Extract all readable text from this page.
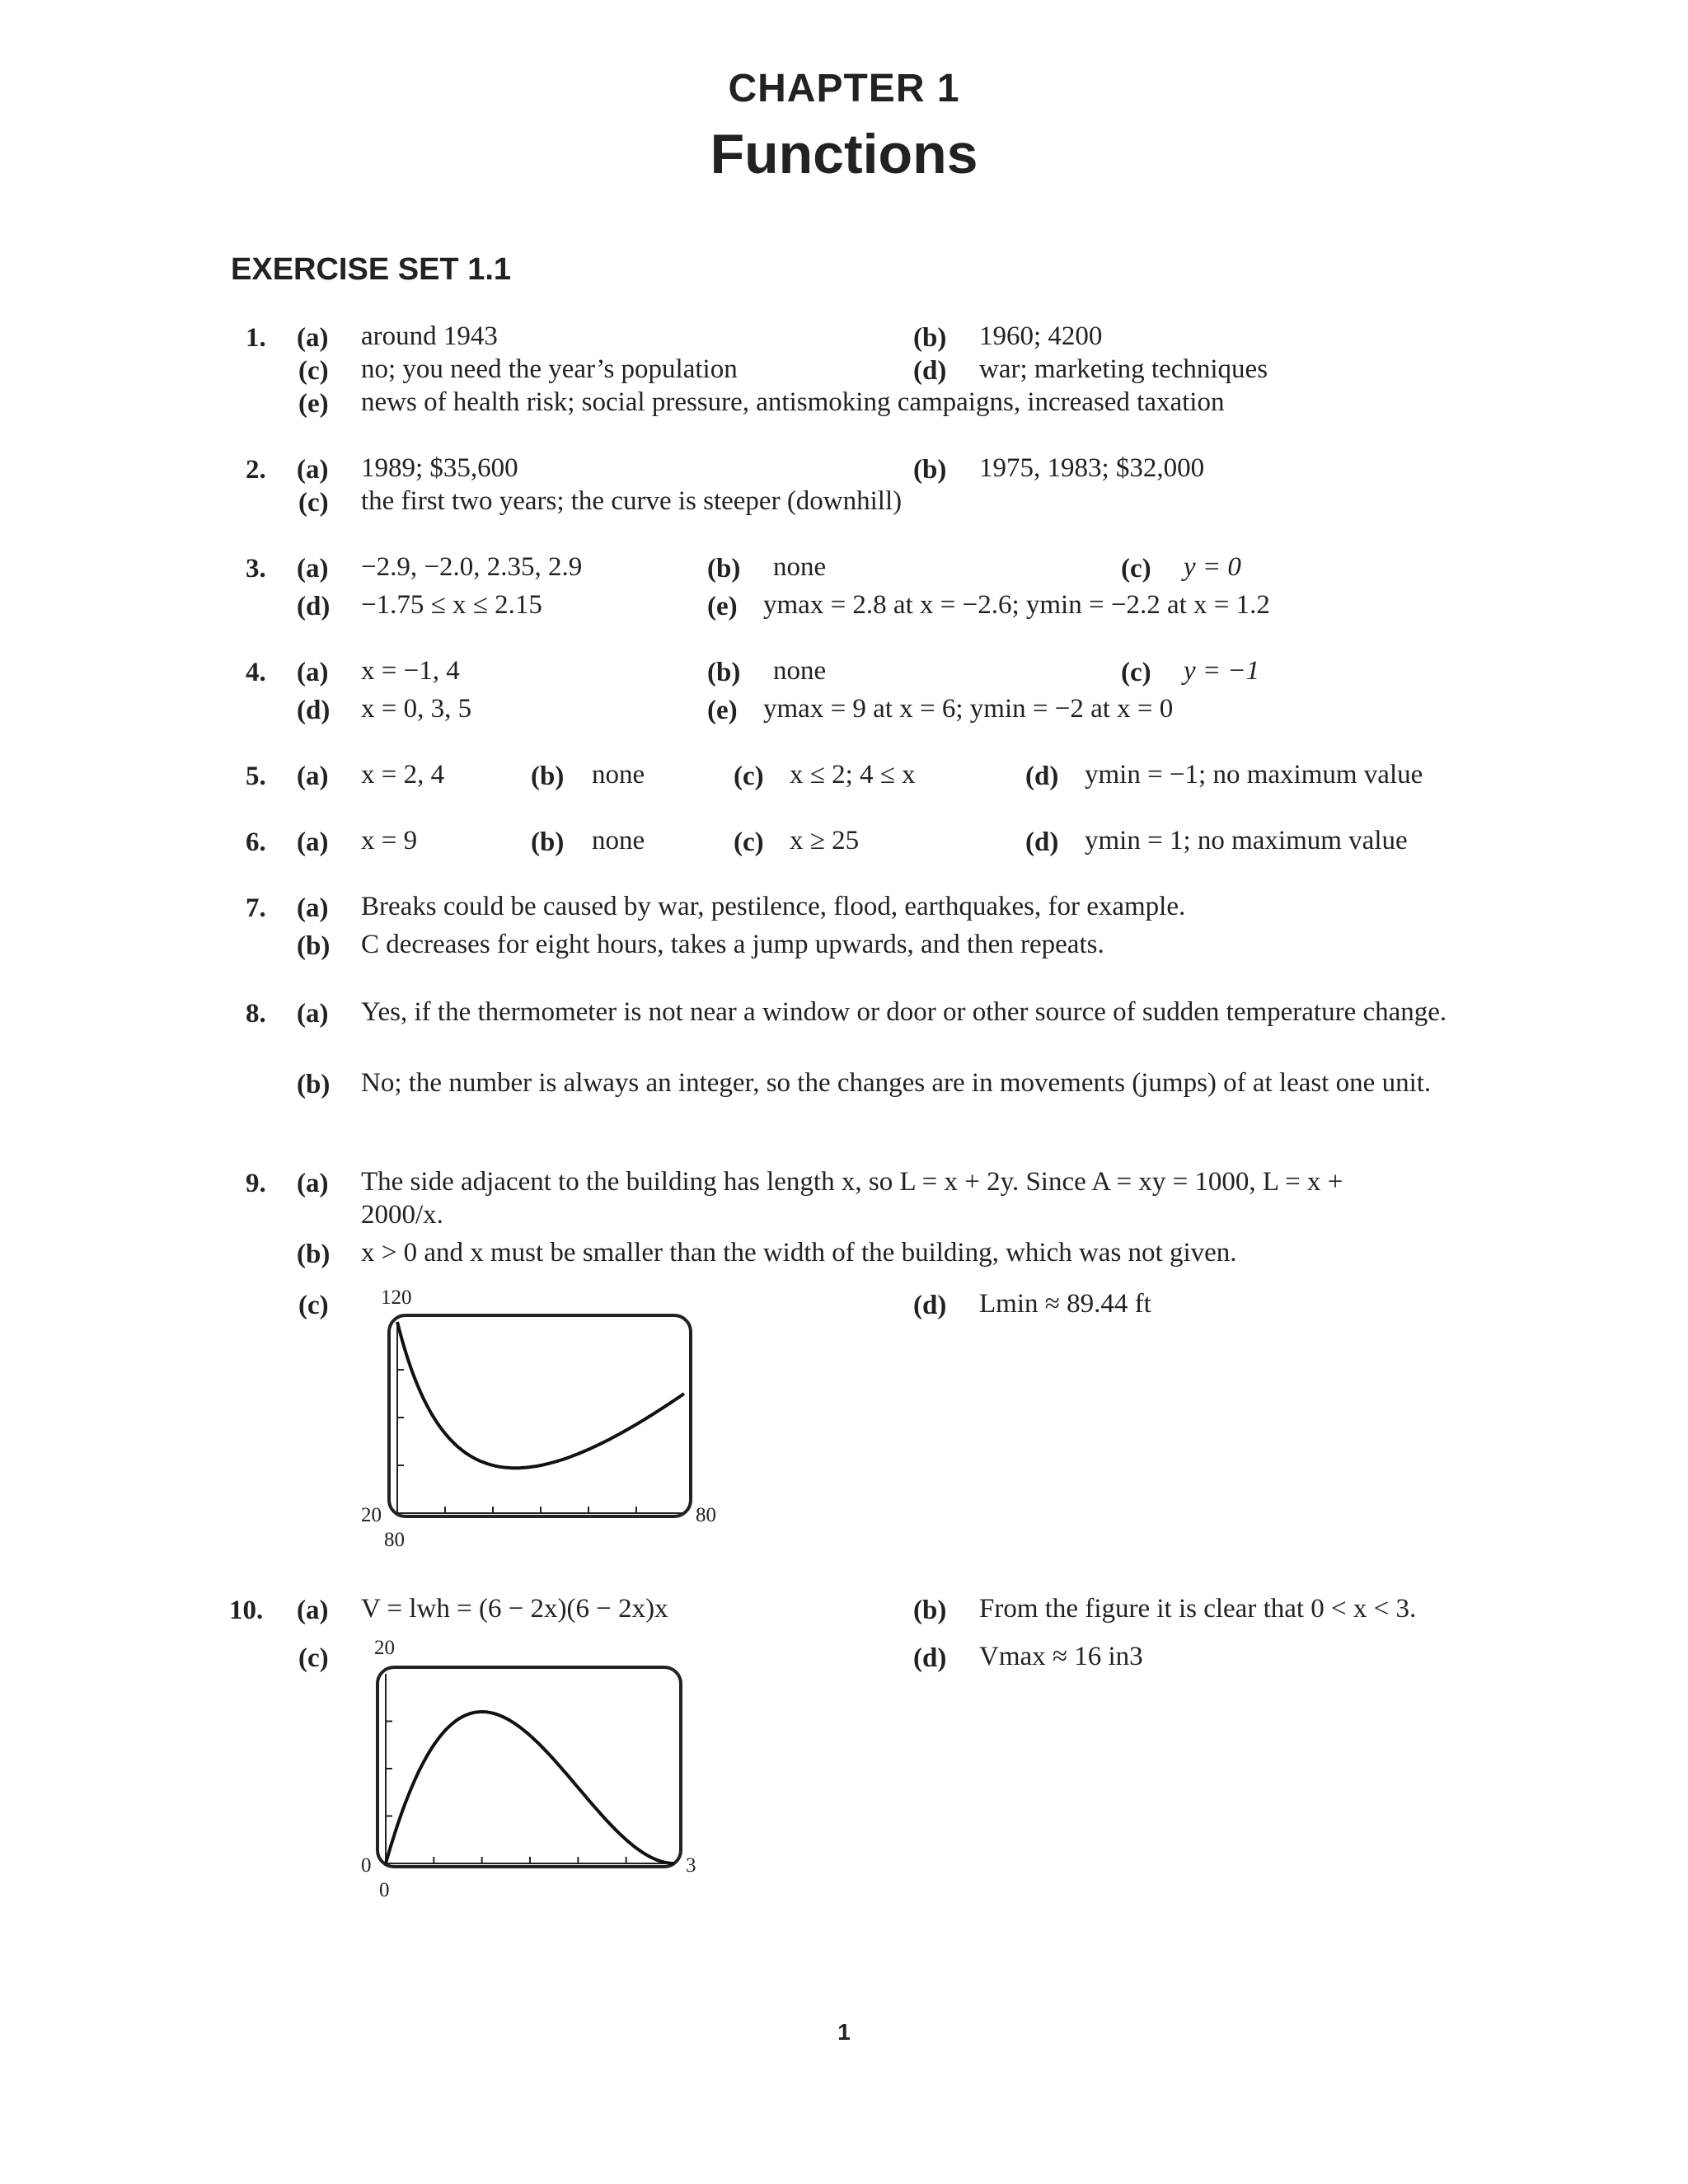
CHAPTER 1
Functions
EXERCISE SET 1.1
1. (a) around 1943	(b) 1960; 4200
(c) no; you need the year’s population	(d) war; marketing techniques
(e) news of health risk; social pressure, antismoking campaigns, increased taxation
2. (a) 1989; $35,600	(b) 1975, 1983; $32,000
(c) the first two years; the curve is steeper (downhill)
3. (a) −2.9, −2.0, 2.35, 2.9	(b) none	(c) y = 0
(d) −1.75 ≤ x ≤ 2.15	(e) ymax = 2.8 at x = −2.6; ymin = −2.2 at x = 1.2
4. (a) x = −1, 4	(b) none	(c) y = −1
(d) x = 0, 3, 5	(e) ymax = 9 at x = 6; ymin = −2 at x = 0
5. (a) x = 2, 4	(b) none	(c) x ≤ 2; 4 ≤ x	(d) ymin = −1; no maximum value
6. (a) x = 9	(b) none	(c) x ≥ 25	(d) ymin = 1; no maximum value
7. (a) Breaks could be caused by war, pestilence, flood, earthquakes, for example.
(b) C decreases for eight hours, takes a jump upwards, and then repeats.
8. (a) Yes, if the thermometer is not near a window or door or other source of sudden temperature change.
(b) No; the number is always an integer, so the changes are in movements (jumps) of at least one unit.
9. (a) The side adjacent to the building has length x, so L = x + 2y. Since A = xy = 1000, L = x + 2000/x.
(b) x > 0 and x must be smaller than the width of the building, which was not given.
(c)	(d) Lmin ≈ 89.44 ft
120
20
80
80
10. (a) V = lwh = (6 − 2x)(6 − 2x)x	(b) From the figure it is clear that 0 < x < 3.
(c)	(d) Vmax ≈ 16 in3
20
0
0
3
1
